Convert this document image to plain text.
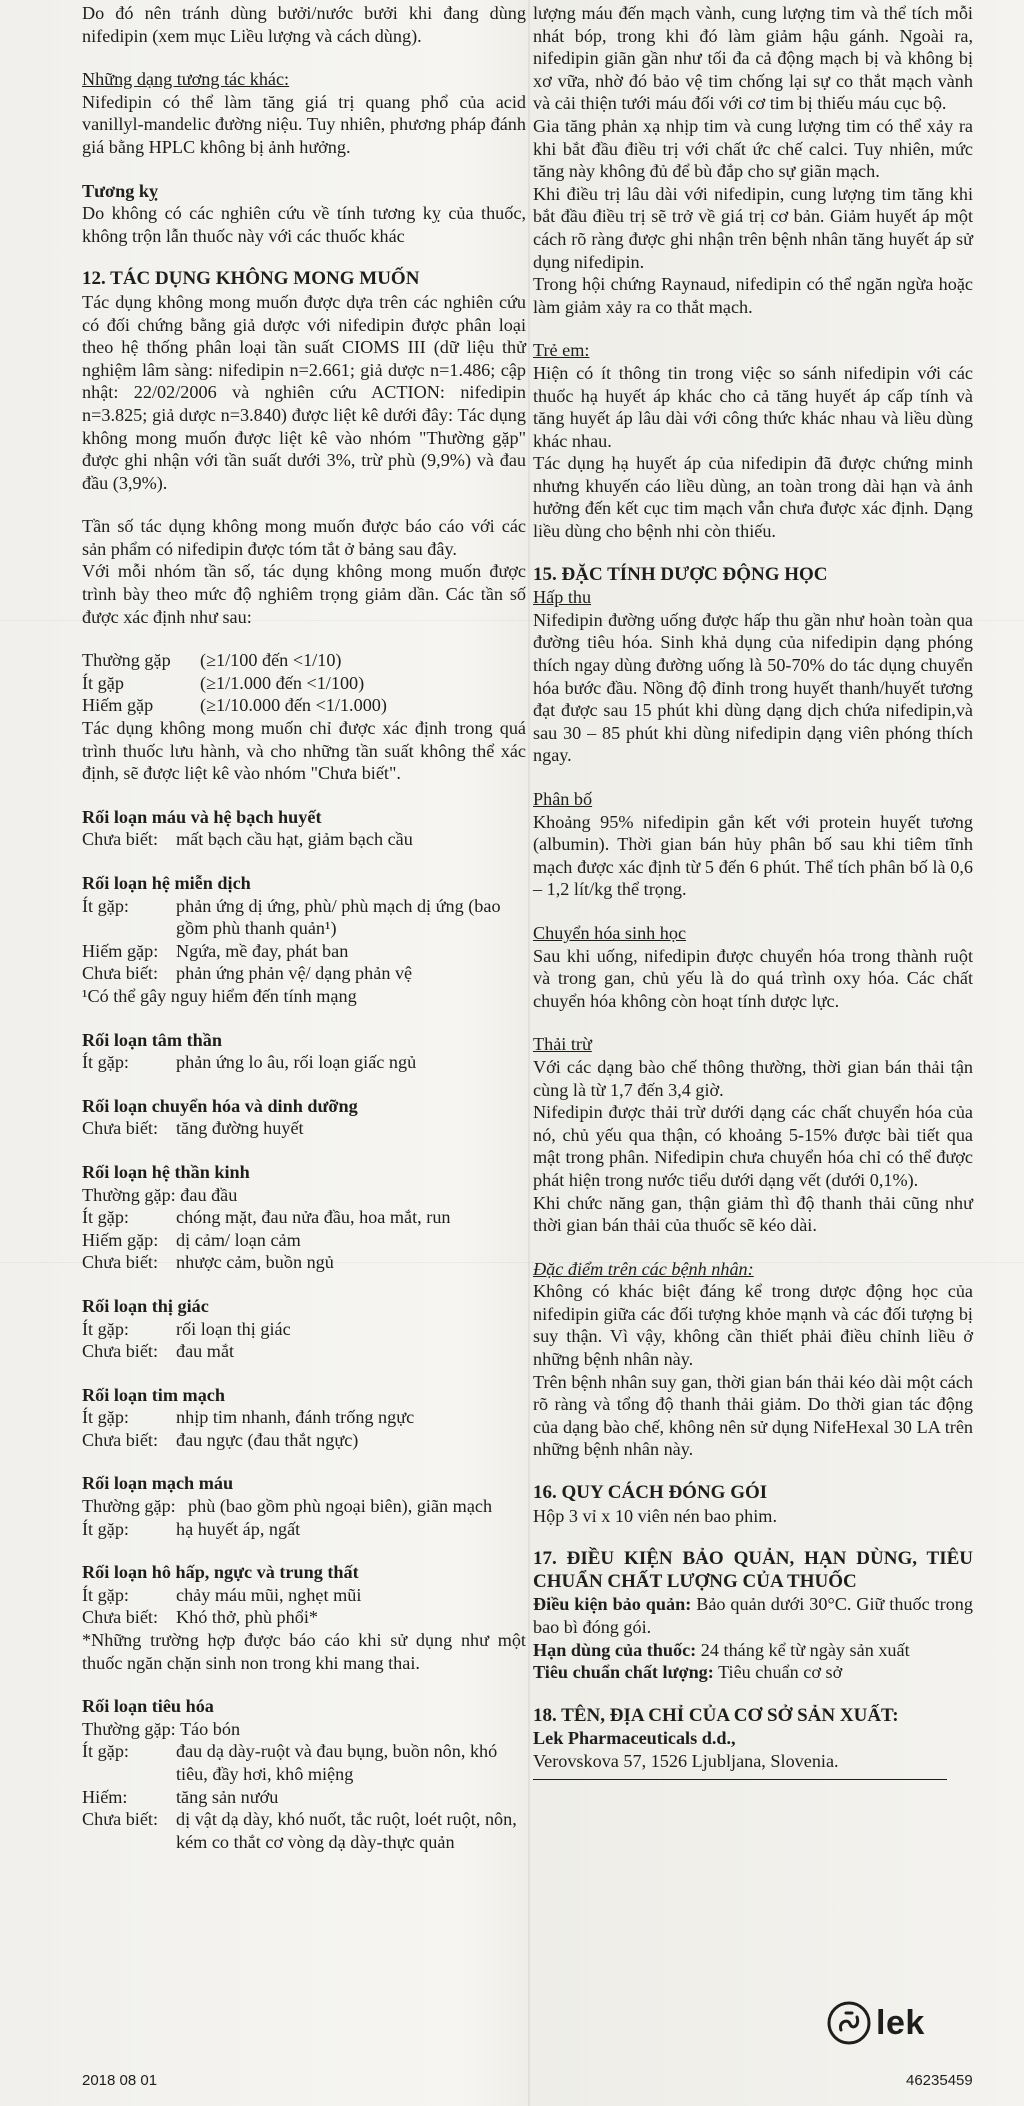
Do đó nên tránh dùng bưởi/nước bưởi khi đang dùng nifedipin (xem mục Liều lượng và cách dùng).

Những dạng tương tác khác:

Nifedipin có thể làm tăng giá trị quang phổ của acid vanillyl-mandelic đường niệu. Tuy nhiên, phương pháp đánh giá bằng HPLC không bị ảnh hưởng.

Tương kỵ

Do không có các nghiên cứu về tính tương kỵ của thuốc, không trộn lẫn thuốc này với các thuốc khác

12. TÁC DỤNG KHÔNG MONG MUỐN

Tác dụng không mong muốn được dựa trên các nghiên cứu có đối chứng bằng giả dược với nifedipin được phân loại theo hệ thống phân loại tần suất CIOMS III (dữ liệu thử nghiệm lâm sàng: nifedipin n=2.661; giả dược n=1.486; cập nhật: 22/02/2006 và nghiên cứu ACTION: nifedipin n=3.825; giả dược n=3.840) được liệt kê dưới đây: Tác dụng không mong muốn được liệt kê vào nhóm "Thường gặp" được ghi nhận với tần suất dưới 3%, trừ phù (9,9%) và đau đầu (3,9%).

Tần số tác dụng không mong muốn được báo cáo với các sản phẩm có nifedipin được tóm tắt ở bảng sau đây.

Với mỗi nhóm tần số, tác dụng không mong muốn được trình bày theo mức độ nghiêm trọng giảm dần. Các tần số được xác định như sau:

Thường gặp	(≥1/100 đến <1/10)
Ít gặp	(≥1/1.000 đến <1/100)
Hiếm gặp	(≥1/10.000 đến <1/1.000)

Tác dụng không mong muốn chỉ được xác định trong quá trình thuốc lưu hành, và cho những tần suất không thể xác định, sẽ được liệt kê vào nhóm "Chưa biết".

Rối loạn máu và hệ bạch huyết

Chưa biết: mất bạch cầu hạt, giảm bạch cầu

Rối loạn hệ miễn dịch

Ít gặp:	phản ứng dị ứng, phù/ phù mạch dị ứng (bao gồm phù thanh quản¹)
Hiếm gặp: Ngứa, mề đay, phát ban
Chưa biết: phản ứng phản vệ/ dạng phản vệ

¹Có thể gây nguy hiểm đến tính mạng

Rối loạn tâm thần

Ít gặp:	phản ứng lo âu, rối loạn giấc ngủ

Rối loạn chuyển hóa và dinh dưỡng

Chưa biết: tăng đường huyết

Rối loạn hệ thần kinh

Thường gặp: đau đầu

Ít gặp:	chóng mặt, đau nửa đầu, hoa mắt, run
Hiếm gặp: dị cảm/ loạn cảm
Chưa biết: nhược cảm, buồn ngủ

Rối loạn thị giác

Ít gặp:	rối loạn thị giác
Chưa biết: đau mắt

Rối loạn tim mạch

Ít gặp:	nhịp tim nhanh, đánh trống ngực
Chưa biết: đau ngực (đau thắt ngực)

Rối loạn mạch máu

Thường gặp: phù (bao gồm phù ngoại biên), giãn mạch
Ít gặp:	hạ huyết áp, ngất

Rối loạn hô hấp, ngực và trung thất

Ít gặp:	chảy máu mũi, nghẹt mũi
Chưa biết: Khó thở, phù phổi*

*Những trường hợp được báo cáo khi sử dụng như một thuốc ngăn chặn sinh non trong khi mang thai.

Rối loạn tiêu hóa

Thường gặp: Táo bón

Ít gặp:	đau dạ dày-ruột và đau bụng, buồn nôn, khó tiêu, đầy hơi, khô miệng
Hiếm:	tăng sản nướu
Chưa biết: dị vật dạ dày, khó nuốt, tắc ruột, loét ruột, nôn, kém co thắt cơ vòng dạ dày-thực quản

lượng máu đến mạch vành, cung lượng tim và thể tích mỗi nhát bóp, trong khi đó làm giảm hậu gánh. Ngoài ra, nifedipin giãn gần như tối đa cả động mạch bị và không bị xơ vữa, nhờ đó bảo vệ tim chống lại sự co thắt mạch vành và cải thiện tưới máu đối với cơ tim bị thiếu máu cục bộ.

Gia tăng phản xạ nhịp tim và cung lượng tim có thể xảy ra khi bắt đầu điều trị với chất ức chế calci. Tuy nhiên, mức tăng này không đủ để bù đắp cho sự giãn mạch.

Khi điều trị lâu dài với nifedipin, cung lượng tim tăng khi bắt đầu điều trị sẽ trở về giá trị cơ bản. Giảm huyết áp một cách rõ ràng được ghi nhận trên bệnh nhân tăng huyết áp sử dụng nifedipin.

Trong hội chứng Raynaud, nifedipin có thể ngăn ngừa hoặc làm giảm xảy ra co thắt mạch.

Trẻ em:

Hiện có ít thông tin trong việc so sánh nifedipin với các thuốc hạ huyết áp khác cho cả tăng huyết áp cấp tính và tăng huyết áp lâu dài với công thức khác nhau và liều dùng khác nhau.

Tác dụng hạ huyết áp của nifedipin đã được chứng minh nhưng khuyến cáo liều dùng, an toàn trong dài hạn và ảnh hưởng đến kết cục tim mạch vẫn chưa được xác định. Dạng liều dùng cho bệnh nhi còn thiếu.

15. ĐẶC TÍNH DƯỢC ĐỘNG HỌC

Hấp thu

Nifedipin đường uống được hấp thu gần như hoàn toàn qua đường tiêu hóa. Sinh khả dụng của nifedipin dạng phóng thích ngay dùng đường uống là 50-70% do tác dụng chuyển hóa bước đầu. Nồng độ đỉnh trong huyết thanh/huyết tương đạt được sau 15 phút khi dùng dạng dịch chứa nifedipin,và sau 30 – 85 phút khi dùng nifedipin dạng viên phóng thích ngay.

Phân bố

Khoảng 95% nifedipin gắn kết với protein huyết tương (albumin). Thời gian bán hủy phân bố sau khi tiêm tĩnh mạch được xác định từ 5 đến 6 phút. Thể tích phân bố là 0,6 – 1,2 lít/kg thể trọng.

Chuyển hóa sinh học

Sau khi uống, nifedipin được chuyển hóa trong thành ruột và trong gan, chủ yếu là do quá trình oxy hóa. Các chất chuyển hóa không còn hoạt tính dược lực.

Thải trừ

Với các dạng bào chế thông thường, thời gian bán thải tận cùng là từ 1,7 đến 3,4 giờ.

Nifedipin được thải trừ dưới dạng các chất chuyển hóa của nó, chủ yếu qua thận, có khoảng 5-15% được bài tiết qua mật trong phân. Nifedipin chưa chuyển hóa chỉ có thể được phát hiện trong nước tiểu dưới dạng vết (dưới 0,1%).

Khi chức năng gan, thận giảm thì độ thanh thải cũng như thời gian bán thải của thuốc sẽ kéo dài.

Đặc điểm trên các bệnh nhân:

Không có khác biệt đáng kể trong dược động học của nifedipin giữa các đối tượng khỏe mạnh và các đối tượng bị suy thận. Vì vậy, không cần thiết phải điều chỉnh liều ở những bệnh nhân này.

Trên bệnh nhân suy gan, thời gian bán thải kéo dài một cách rõ ràng và tổng độ thanh thải giảm. Do thời gian tác động của dạng bào chế, không nên sử dụng NifeHexal 30 LA trên những bệnh nhân này.

16. QUY CÁCH ĐÓNG GÓI

Hộp 3 vỉ x 10 viên nén bao phim.

17. ĐIỀU KIỆN BẢO QUẢN, HẠN DÙNG, TIÊU CHUẨN CHẤT LƯỢNG CỦA THUỐC

Điều kiện bảo quản: Bảo quản dưới 30°C. Giữ thuốc trong bao bì đóng gói.

Hạn dùng của thuốc: 24 tháng kể từ ngày sản xuất

Tiêu chuẩn chất lượng: Tiêu chuẩn cơ sở

18. TÊN, ĐỊA CHỈ CỦA CƠ SỞ SẢN XUẤT:

Lek Pharmaceuticals d.d.,

Verovskova 57, 1526 Ljubljana, Slovenia.

lek
2018 08 01	46235459
